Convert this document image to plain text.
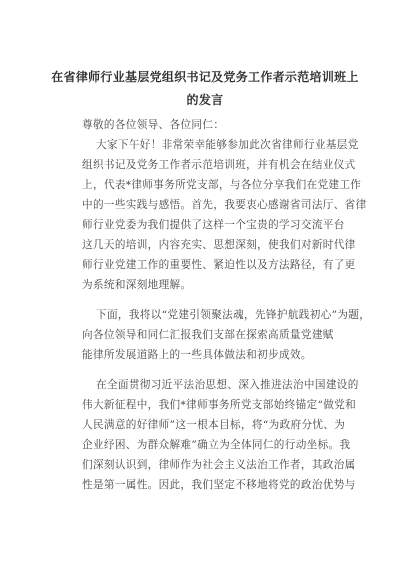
在省律师行业基层党组织书记及党务工作者示范培训班上
的发言
尊敬的各位领导、各位同仁：
大家下午好！非常荣幸能够参加此次省律师行业基层党
组织书记及党务工作者示范培训班，并有机会在结业仪式
上，代表*律师事务所党支部，与各位分享我们在党建工作
中的一些实践与感悟。首先，我要衷心感谢省司法厅、省律
师行业党委为我们提供了这样一个宝贵的学习交流平台
这几天的培训，内容充实、思想深刻，使我们对新时代律
师行业党建工作的重要性、紧迫性以及方法路径，有了更
为系统和深刻地理解。
下面，我将以“党建引领聚法魂，先锋护航践初心”为题，
向各位领导和同仁汇报我们支部在探索高质量党建赋
能律所发展道路上的一些具体做法和初步成效。
在全面贯彻习近平法治思想、深入推进法治中国建设的
伟大新征程中，我们*律师事务所党支部始终锚定“做党和
人民满意的好律师”这一根本目标，将“为政府分忧、为
企业纾困、为群众解难”确立为全体同仁的行动坐标。我
们深刻认识到，律师作为社会主义法治工作者，其政治属
性是第一属性。因此，我们坚定不移地将党的政治优势与
